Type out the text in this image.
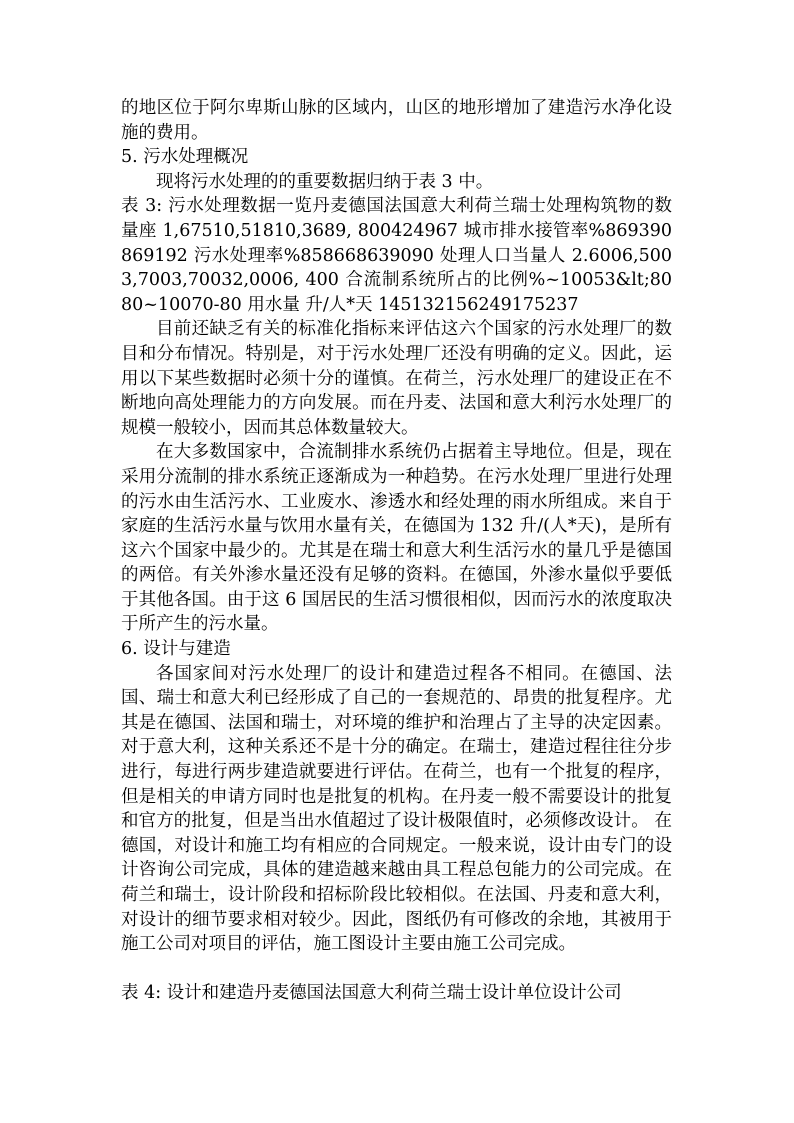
的地区位于阿尔卑斯山脉的区域内，山区的地形增加了建造污水净化设施的费用。

5. 污水处理概况

现将污水处理的的重要数据归纳于表 3 中。

表 3: 污水处理数据一览丹麦德国法国意大利荷兰瑞士处理构筑物的数量座 1,67510,51810,3689, 800424967 城市排水接管率%869390 869192 污水处理率%858668639090 处理人口当量人 2.6006,5003,7003,70032,0006, 400 合流制系统所占的比例%~10053&lt;8080~10070-80 用水量 升/人*天 145132156249175237

目前还缺乏有关的标准化指标来评估这六个国家的污水处理厂的数目和分布情况。特别是，对于污水处理厂还没有明确的定义。因此，运用以下某些数据时必须十分的谨慎。在荷兰，污水处理厂的建设正在不断地向高处理能力的方向发展。而在丹麦、法国和意大利污水处理厂的规模一般较小，因而其总体数量较大。

在大多数国家中，合流制排水系统仍占据着主导地位。但是，现在采用分流制的排水系统正逐渐成为一种趋势。在污水处理厂里进行处理的污水由生活污水、工业废水、渗透水和经处理的雨水所组成。来自于家庭的生活污水量与饮用水量有关，在德国为 132 升/(人*天)，是所有这六个国家中最少的。尤其是在瑞士和意大利生活污水的量几乎是德国的两倍。有关外渗水量还没有足够的资料。在德国，外渗水量似乎要低于其他各国。由于这 6 国居民的生活习惯很相似，因而污水的浓度取决于所产生的污水量。

6. 设计与建造

各国家间对污水处理厂的设计和建造过程各不相同。在德国、法国、瑞士和意大利已经形成了自己的一套规范的、昂贵的批复程序。尤其是在德国、法国和瑞士，对环境的维护和治理占了主导的决定因素。对于意大利，这种关系还不是十分的确定。在瑞士，建造过程往往分步进行，每进行两步建造就要进行评估。在荷兰，也有一个批复的程序，但是相关的申请方同时也是批复的机构。在丹麦一般不需要设计的批复和官方的批复，但是当出水值超过了设计极限值时，必须修改设计。 在德国，对设计和施工均有相应的合同规定。一般来说，设计由专门的设计咨询公司完成，具体的建造越来越由具工程总包能力的公司完成。在荷兰和瑞士，设计阶段和招标阶段比较相似。在法国、丹麦和意大利，对设计的细节要求相对较少。因此，图纸仍有可修改的余地，其被用于施工公司对项目的评估，施工图设计主要由施工公司完成。

表 4: 设计和建造丹麦德国法国意大利荷兰瑞士设计单位设计公司
